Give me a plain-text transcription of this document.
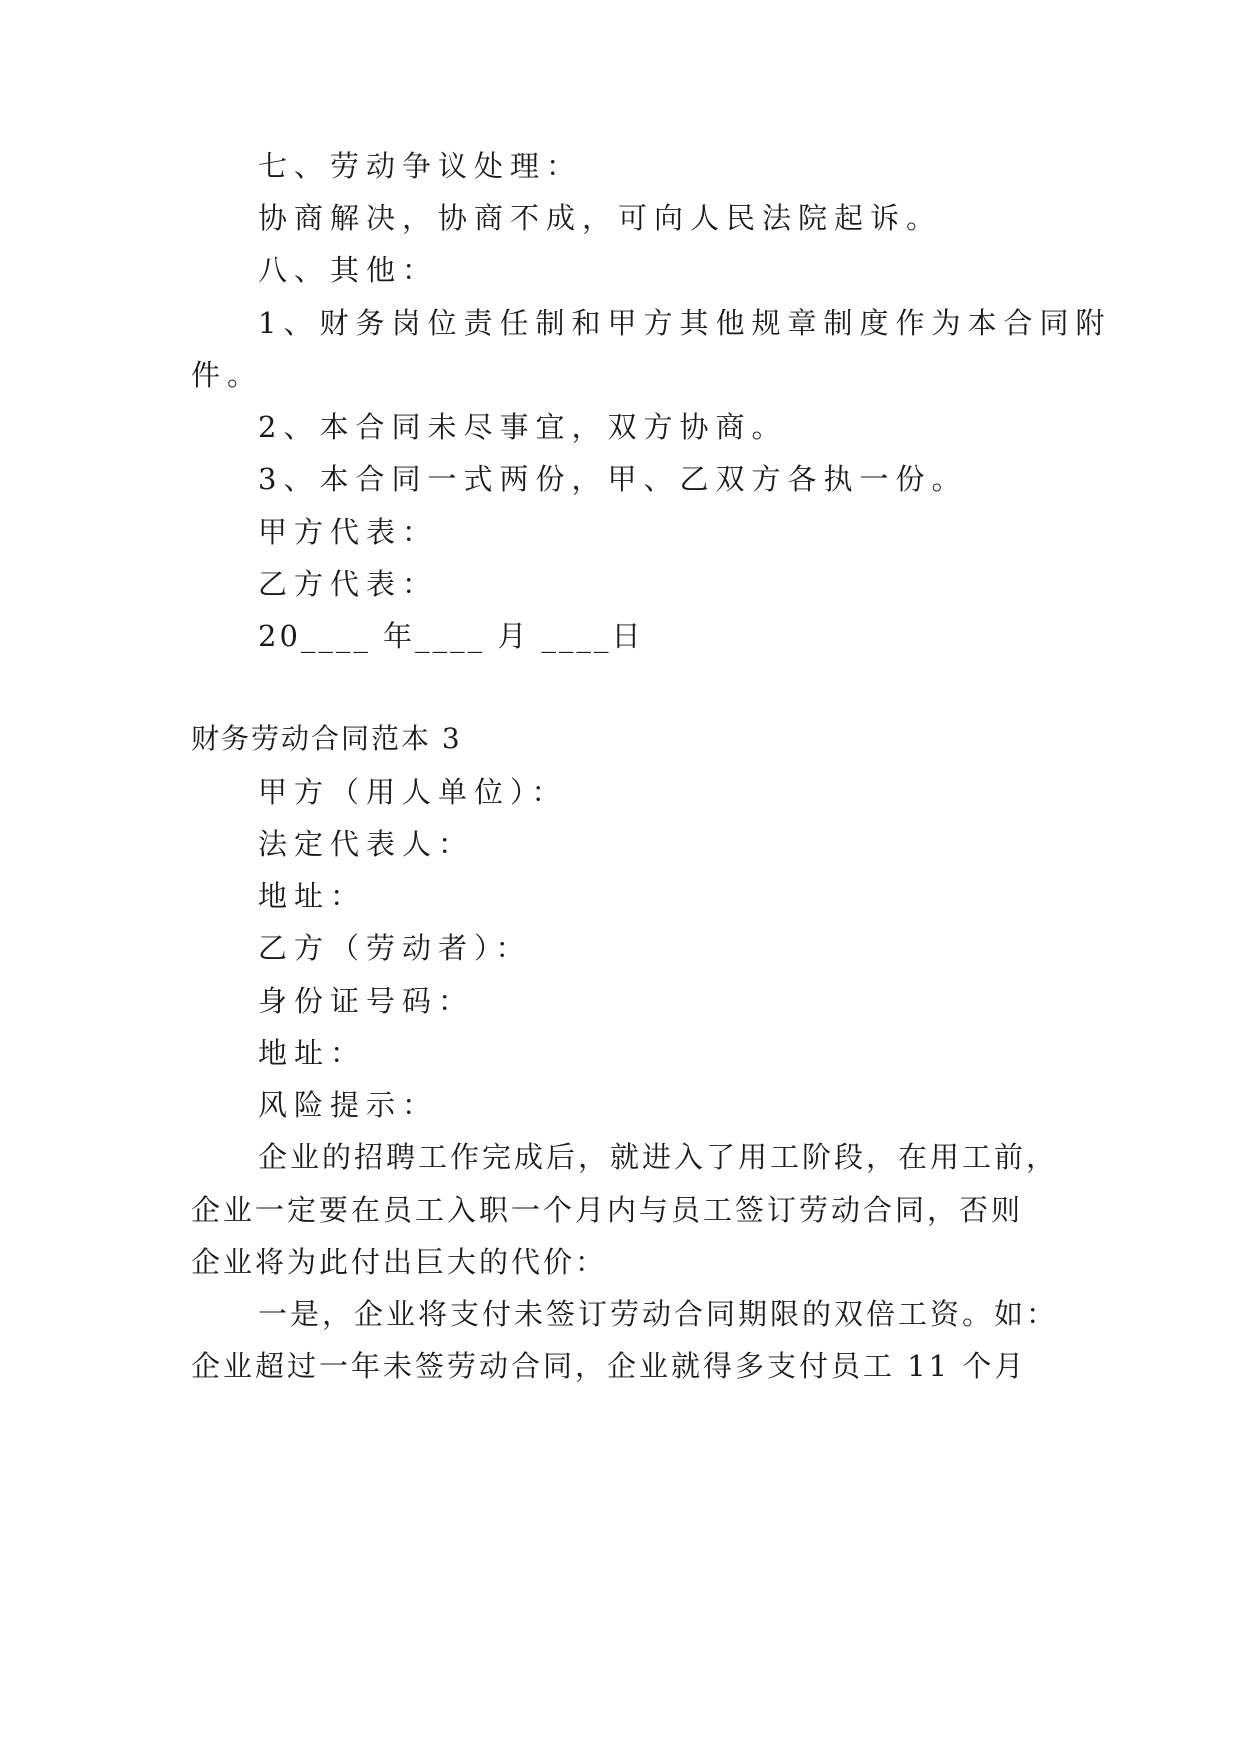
七、劳动争议处理：
协商解决，协商不成，可向人民法院起诉。
八、其他：
1、财务岗位责任制和甲方其他规章制度作为本合同附
件。
2、本合同未尽事宜，双方协商。
3、本合同一式两份，甲、乙双方各执一份。
甲方代表：
乙方代表：
20____ 年____ 月 ____日
财务劳动合同范本 3
甲方（用人单位）：
法定代表人：
地址：
乙方（劳动者）：
身份证号码：
地址：
风险提示：
企业的招聘工作完成后，就进入了用工阶段，在用工前，
企业一定要在员工入职一个月内与员工签订劳动合同，否则
企业将为此付出巨大的代价：
一是，企业将支付未签订劳动合同期限的双倍工资。如：
企业超过一年未签劳动合同，企业就得多支付员工 11 个月
